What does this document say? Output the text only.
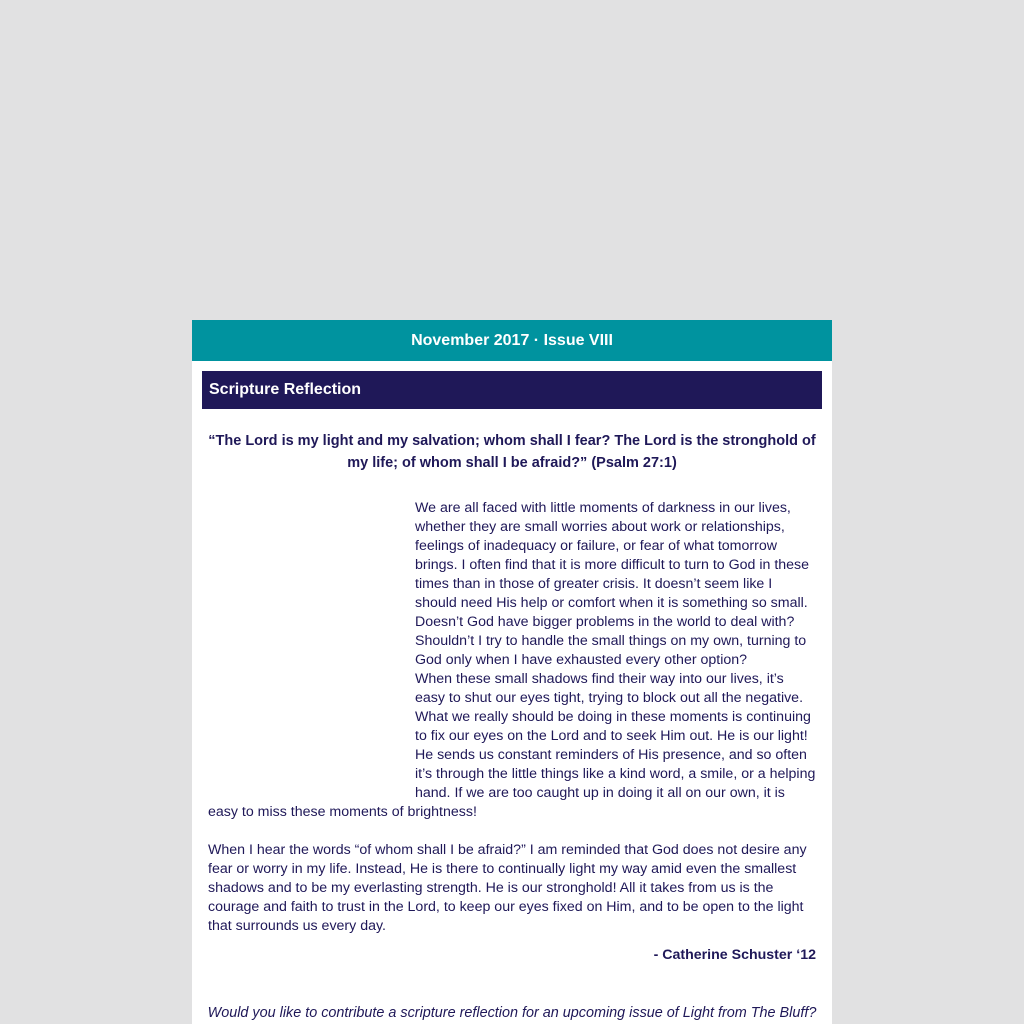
November 2017 · Issue VIII
Scripture Reflection
“The Lord is my light and my salvation; whom shall I fear? The Lord is the stronghold of my life; of whom shall I be afraid?” (Psalm 27:1)

We are all faced with little moments of darkness in our lives, whether they are small worries about work or relationships, feelings of inadequacy or failure, or fear of what tomorrow brings. I often find that it is more difficult to turn to God in these times than in those of greater crisis. It doesn’t seem like I should need His help or comfort when it is something so small. Doesn’t God have bigger problems in the world to deal with? Shouldn’t I try to handle the small things on my own, turning to God only when I have exhausted every other option?

When these small shadows find their way into our lives, it’s easy to shut our eyes tight, trying to block out all the negative. What we really should be doing in these moments is continuing to fix our eyes on the Lord and to seek Him out. He is our light! He sends us constant reminders of His presence, and so often it’s through the little things like a kind word, a smile, or a helping hand. If we are too caught up in doing it all on our own, it is easy to miss these moments of brightness!

When I hear the words “of whom shall I be afraid?” I am reminded that God does not desire any fear or worry in my life. Instead, He is there to continually light my way amid even the smallest shadows and to be my everlasting strength. He is our stronghold! All it takes from us is the courage and faith to trust in the Lord, to keep our eyes fixed on Him, and to be open to the light that surrounds us every day.

- Catherine Schuster ‘12
Would you like to contribute a scripture reflection for an upcoming issue of Light from The Bluff?
